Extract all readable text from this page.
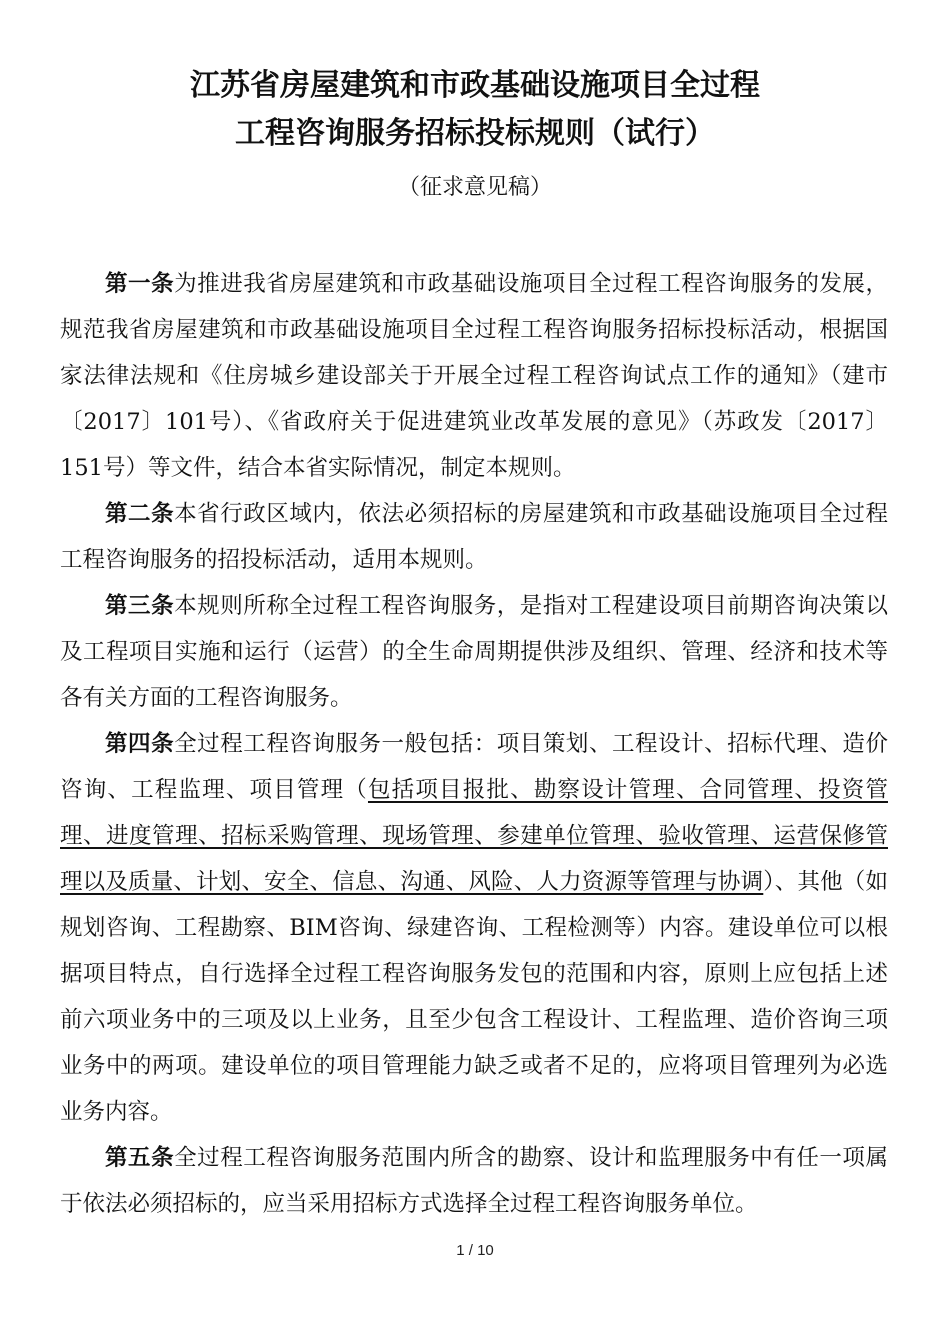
江苏省房屋建筑和市政基础设施项目全过程
工程咨询服务招标投标规则（试行）
（征求意见稿）

第一条为推进我省房屋建筑和市政基础设施项目全过程工程咨询服务的发展，规范我省房屋建筑和市政基础设施项目全过程工程咨询服务招标投标活动，根据国家法律法规和《住房城乡建设部关于开展全过程工程咨询试点工作的通知》（建市〔2017〕101号）、《省政府关于促进建筑业改革发展的意见》（苏政发〔2017〕151号）等文件，结合本省实际情况，制定本规则。

第二条本省行政区域内，依法必须招标的房屋建筑和市政基础设施项目全过程工程咨询服务的招投标活动，适用本规则。

第三条本规则所称全过程工程咨询服务，是指对工程建设项目前期咨询决策以及工程项目实施和运行（运营）的全生命周期提供涉及组织、管理、经济和技术等各有关方面的工程咨询服务。

第四条全过程工程咨询服务一般包括：项目策划、工程设计、招标代理、造价咨询、工程监理、项目管理（包括项目报批、勘察设计管理、合同管理、投资管理、进度管理、招标采购管理、现场管理、参建单位管理、验收管理、运营保修管理以及质量、计划、安全、信息、沟通、风险、人力资源等管理与协调）、其他（如规划咨询、工程勘察、BIM咨询、绿建咨询、工程检测等）内容。建设单位可以根据项目特点，自行选择全过程工程咨询服务发包的范围和内容，原则上应包括上述前六项业务中的三项及以上业务，且至少包含工程设计、工程监理、造价咨询三项业务中的两项。建设单位的项目管理能力缺乏或者不足的，应将项目管理列为必选业务内容。

第五条全过程工程咨询服务范围内所含的勘察、设计和监理服务中有任一项属于依法必须招标的，应当采用招标方式选择全过程工程咨询服务单位。

1 / 10
